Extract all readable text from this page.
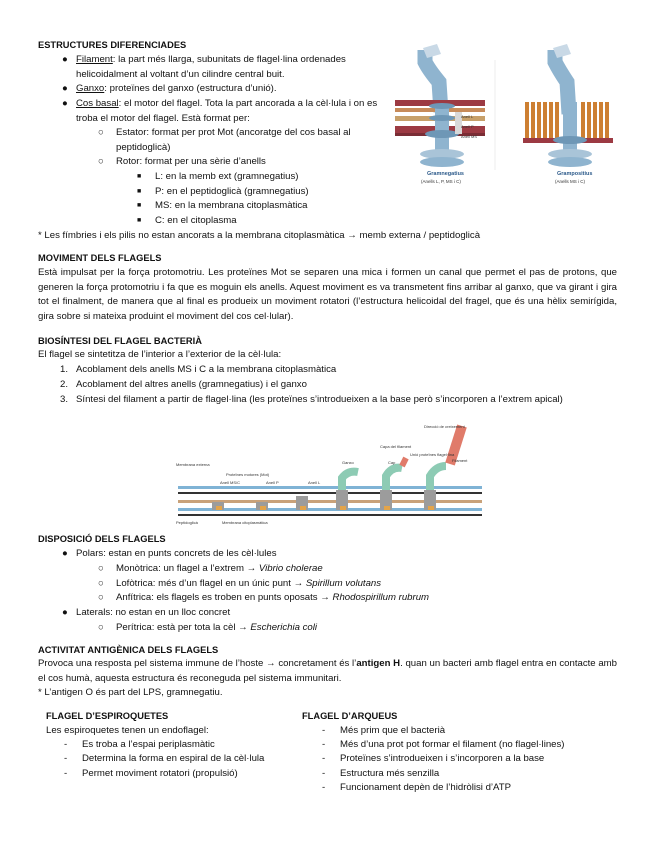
ESTRUCTURES DIFERENCIADES
● Filament: la part més llarga, subunitats de flagel·lina ordenades helicoidalment al voltant d’un cilindre central buit.
● Ganxo: proteïnes del ganxo (estructura d’unió).
● Cos basal: el motor del flagel. Tota la part ancorada a la cèl·lula i on es troba el motor del flagel. Està format per:
○ Estator: format per prot Mot (ancoratge del cos basal al peptidoglicà)
○ Rotor: format per una sèrie d’anells
■ L: en la memb ext (gramnegatius)
■ P: en el peptidoglicà (gramnegatius)
■ MS: en la membrana citoplasmàtica
■ C: en el citoplasma
* Les fímbries i els pilis no estan ancorats a la membrana citoplasmàtica → memb externa / peptidoglicà
Anell L
Anell P
Anell MS
Gramnegatius
(Anells L, P, MS i C)
Grampositius
(Anells MS i C)
MOVIMENT DELS FLAGELS
Està impulsat per la força protomotriu. Les proteïnes Mot se separen una mica i formen un canal que permet el pas de protons, que generen la força protomotriu i fa que es moguin els anells. Aquest moviment es va transmetent fins arribar al ganxo, que va girant i gira tot el finalment, de manera que al final es produeix un moviment rotatori (l’estructura helicoidal del fragel, que és una hèlix semirígida, gira sobre si mateixa produint el moviment del cos cel·lular).
BIOSÍNTESI DEL FLAGEL BACTERIÀ
El flagel se sintetitza de l’interior a l’exterior de la cèl·lula:
1. Acoblament dels anells MS i C a la membrana citoplasmàtica
2. Acoblament del altres anells (gramnegatius) i el ganxo
3. Síntesi del filament a partir de flagel·lina (les proteïnes s’introdueixen a la base però s’incorporen a l’extrem apical)
Membrana externa
Proteïnes motores (Mot)
Anell MS/C	Anell P	Anell L
Peptidoglicà	Membrana citoplasmàtica
Ganxo
Capa del filament
Cap
Unió proteïnes flagel·lina
Filament
Direcció de creixement
DISPOSICIÓ DELS FLAGELS
● Polars: estan en punts concrets de les cèl·lules
○ Monòtrica: un flagel a l’extrem → Vibrio cholerae
○ Lofòtrica: més d’un flagel en un únic punt → Spirillum volutans
○ Anfítrica: els flagels es troben en punts oposats → Rhodospirillum rubrum
● Laterals: no estan en un lloc concret
○ Perítrica: està per tota la cèl → Escherichia coli
ACTIVITAT ANTIGÈNICA DELS FLAGELS
Provoca una resposta pel sistema immune de l’hoste → concretament és l’antigen H. quan un bacteri amb flagel entra en contacte amb el cos humà, aquesta estructura és reconeguda pel sistema immunitari.
* L’antigen O és part del LPS, gramnegatiu.
FLAGEL D’ESPIROQUETES
Les espiroquetes tenen un endoflagel:
- Es troba a l’espai periplasmàtic
- Determina la forma en espiral de la cèl·lula
- Permet moviment rotatori (propulsió)
FLAGEL D’ARQUEUS
- Més prim que el bacterià
- Més d’una prot pot formar el filament (no flagel·lines)
- Proteïnes s’introdueixen i s’incorporen a la base
- Estructura més senzilla
- Funcionament depèn de l’hidròlisi d’ATP
